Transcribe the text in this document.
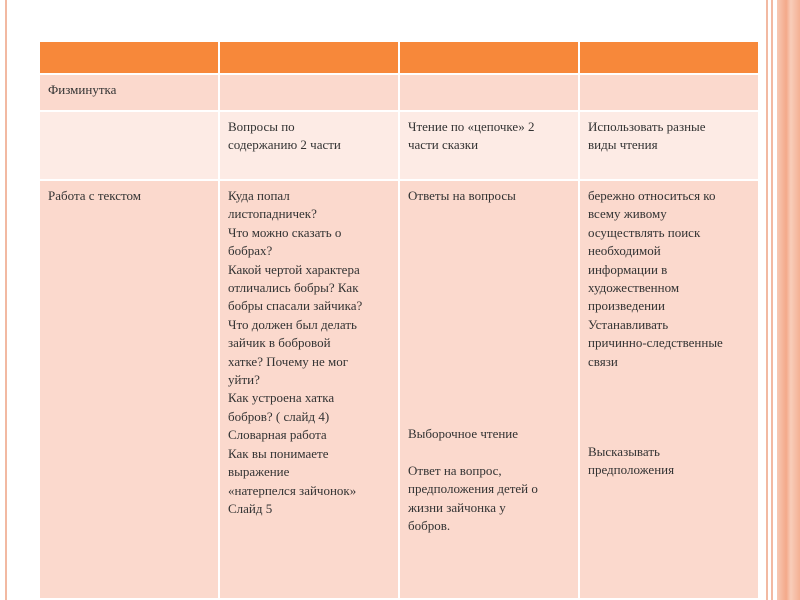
Физминутка
Вопросы по
содержанию 2 части
Чтение по «цепочке» 2
части сказки
Использовать разные
виды чтения
Работа с текстом	Куда попал
листопадничек?
Что можно сказать о
бобрах?
Какой чертой характера
отличались бобры? Как
бобры спасали зайчика?
Что должен был делать
зайчик в бобровой
хатке? Почему не мог
уйти?
Как устроена хатка
бобров? ( слайд 4)
Словарная работа
Как вы понимаете
выражение
«натерпелся зайчонок»
Слайд 5

Ответы на вопросы

Выборочное чтение

Ответ на вопрос,
предположения детей о
жизни зайчонка у
бобров.

бережно относиться ко
всему живому
осуществлять поиск
необходимой
информации в
художественном
произведении
Устанавливать
причинно-следственные
связи

Высказывать
предположения
